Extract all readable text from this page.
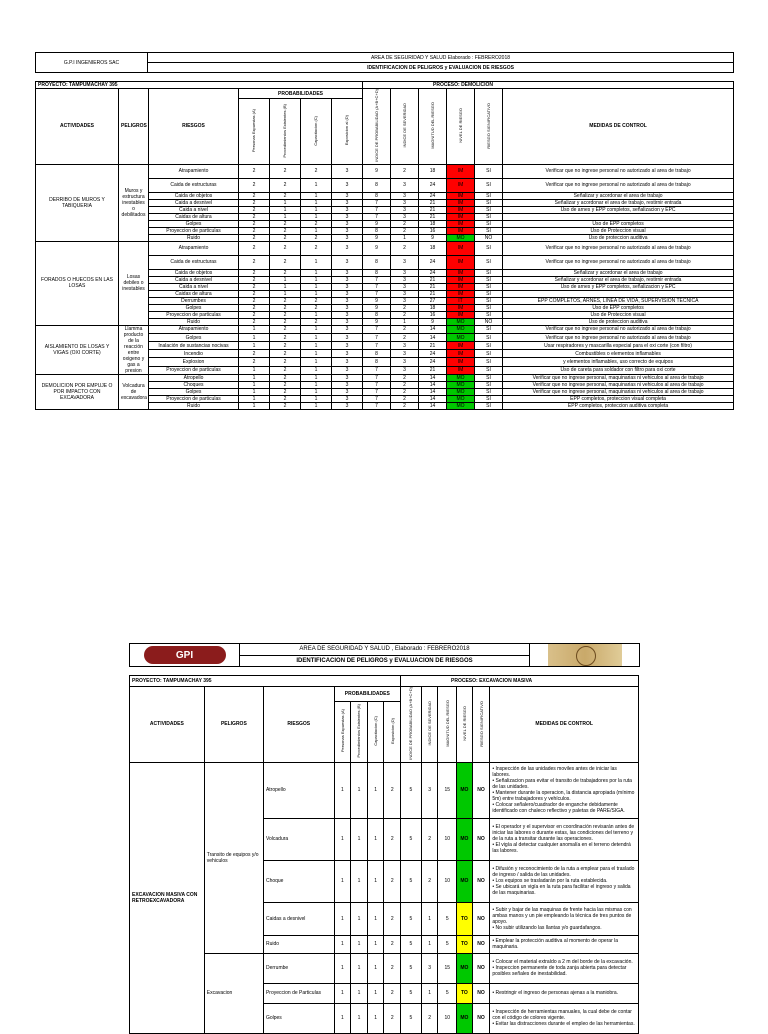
G.P.I INGENIEROS SAC	AREA DE SEGURIDAD Y SALUD Elaborado : FEBRERO2018
IDENTIFICACION DE PELIGROS y EVALUACION DE RIESGOS
PROYECTO: TAMPUMACHAY 395							PROCESO: DEMOLICION					
ACTIVIDADES	PELIGROS	RIESGOS	PROBABILIDADES				INDICE DE PROBABILIDAD (A+B+C+D)	INDICE DE SEVERIDAD	MAGNITUD DEL RIESGO	NIVEL DE RIESGO	RIESGO SIGNIFICATIVO	MEDIDAS DE CONTROL
			Personas Expuestas (A)	Procedimientos Existentes (B)	Capacitacion (C)	Exposicion al (D)						
DERRIBO DE MUROS Y TABIQUERIA	Muros y estructura inestables o debilitados	Atrapamiento	2	2	2	3	9	2	18	IM	SI	Verificar que no ingrese personal no autorizado al area de trabajo
		Caida de estructuras	2	2	1	3	8	3	24	IM	SI	Verificar que no ingrese personal no autorizado al area de trabajo
		Caida de objetos	2	2	1	3	8	3	24	IM	SI	Señalizar y acordonar el area de trabajo
		Caida a desnivel	2	1	1	3	7	3	21	IM	SI	Señalizar y acordonar el area de trabajo, restirnir entrada
		Caida a nivel	2	1	1	3	7	3	21	IM	SI	Uso de arnes y EPP completos, señalizacion y EPC
		Caidas de altura	2	1	1	3	7	3	21	IM	SI	
		Golpes	2	2	2	3	9	2	18	IM	SI	Uso de EPP completos
		Proyeccion de particulas	2	2	1	3	8	2	16	IM	SI	Uso de Proteccion visual
		Ruido	2	2	2	3	9	1	9	MO	NO	Uso de proteccion auditiva
FORADOS O HUECOS EN LAS LOSAS	Losas debiles o inestables	Atrapamiento	2	2	2	3	9	2	18	IM	SI	Verificar que no ingrese personal no autorizado al area de trabajo
		Caida de estructuras	2	2	1	3	8	3	24	IM	SI	Verificar que no ingrese personal no autorizado al area de trabajo
		Caida de objetos	2	2	1	3	8	3	24	IM	SI	Señalizar y acordonar el area de trabajo
		Caida a desnivel	2	1	1	3	7	3	21	IM	SI	Señalizar y acordonar el area de trabajo, restirnir entrada
		Caida a nivel	2	1	1	3	7	3	21	IM	SI	Uso de arnes y EPP completos, señalizacion y EPC
		Caidas de altura	2	1	1	3	7	3	21	IM	SI	
		Derrumbes	2	2	2	3	9	3	27	IT	SI	EPP COMPLETOS, ARNES, LINEA DE VIDA, SUPERVISION TECNICA
		Golpes	2	2	2	3	9	2	18	IM	SI	Uso de EPP completos
		Proyeccion de particulas	2	2	1	3	8	2	16	IM	SI	Uso de Proteccion visual
		Ruido	2	2	2	3	9	1	9	MO	NO	Uso de proteccion auditiva
AISLAMIENTO DE LOSAS Y VIGAS (OXI CORTE)	Llamma producto de la reacción entre oxigeno y gas a presion	Atrapamiento	1	2	1	3	7	2	14	MO	SI	Verificar que no ingrese personal no autorizado al area de trabajo
		Golpes	1	2	1	3	7	2	14	MO	SI	Verificar que no ingrese personal no autorizado al area de trabajo
		Inalación de sustancias nocivas	1	2	1	3	7	3	21	IM	SI	Usar respiradores y mascarilla especial para el oxi corte (con filtro)
		Incendio	2	2	1	3	8	3	24	IM	SI	Combustibles o elementos inflamables
		Explosion	2	2	1	3	8	3	24	IM	SI	y elementos inflamables, uso correcto de equipos
		Proyeccion de particulas	1	2	1	3	7	3	21	IM	SI	Uso de careta para soldador con filtro para oxi corte
DEMOLICION POR EMPUJE O POR IMPACTO CON EXCAVADORA	Volcadura de excavadora	Atropello	1	2	1	3	7	2	14	MO	SI	Verificar que no ingrese personal, maquinarias ni vehiculos al area de trabajo
		Choques	1	2	1	3	7	2	14	MO	SI	Verificar que no ingrese personal, maquinarias ni vehiculos al area de trabajo
		Golpes	1	2	1	3	7	2	14	MO	SI	Verificar que no ingrese personal, maquinarias ni vehiculos al area de trabajo
		Proyeccion de particulas	1	2	1	3	7	2	14	MO	SI	EPP completos, proteccion visual completa
		Ruido	1	2	1	3	7	2	14	MO	SI	EPP completos, proteccion auditiva completa
GPI
	AREA DE SEGURIDAD Y SALUD , Elaborado : FEBRERO2018	

IDENTIFICACION DE PELIGROS y EVALUACION DE RIESGOS
PROYECTO: TAMPUMACHAY 395							PROCESO: EXCAVACION MASIVA					
ACTIVIDADES	PELIGROS	RIESGOS	PROBABILIDADES				INDICE DE PROBABILIDAD (A+B+C+D)	INDICE DE SEVERIDAD	MAGNITUD DEL RIESGO	NIVEL DE RIESGO	RIESGO SIGNIFICATIVO	MEDIDAS DE CONTROL
			Personas Expuestas (A)	Procedimientos Existentes (B)	Capacitacion (C)	Exposicion (D)						
EXCAVACION MASIVA CON RETROEXCAVADORA	Transito de equipos y/o vehiculos	Atropello	1	1	1	2	5	3	15	MO	NO	• Inspección de las unidades moviles antes de iniciar las labores.
• Señalizacion para evitar el transito de trabajadores por la ruta de las unidades.
• Mantener durante la operacion, la distancia apropiada (mínimo 5m) entre trabajadores y vehículos.
• Colocar señalero/cuadrador de enganche debidamente identificado con chaleco reflectivo y paletas de PARE/SIGA.
		Volcadura	1	1	1	2	5	2	10	MO	NO	• El operador y el supervisor en coordinación revisarán antes de iniciar las labores o durante estas, las condiciones del terreno y de la ruta a transitar durante las operaciones.
• El vigía al detectar cualquier anomalía en el terreno detendrá las labores.
		Choque	1	1	1	2	5	2	10	MO	NO	• Difusión y reconocimiento de la ruta a emplear para el traslado de ingreso / salida de las unidades.
• Los equipos se trasladarán por la ruta establecida.
• Se ubicará un vigía en la ruta para facilitar el ingreso y salida de las maquinarias.
		Caidas a desnivel	1	1	1	2	5	1	5	TO	NO	• Subir y bajar de las maquinas de frente hacia las mismas con ambas manos y un pie empleando la técnica de tres puntos de apoyo.
• No subir utilizando las llantas y/o guardafangos.
		Ruido	1	1	1	2	5	1	5	TO	NO	• Emplear la protección auditiva al momento de operar la maquinaria.
	Excavacion	Derrumbe	1	1	1	2	5	3	15	MO	NO	• Colocar el material extraído a 2 m del borde de la excavación.
• Inspeccion permanente de toda zanja abierta para detectar posibles señales de inestabilidad.
		Proyeccion de Particulas	1	1	1	2	5	1	5	TO	NO	• Restringir el ingreso de personas ajenas a la maniobra.
		Golpes	1	1	1	2	5	2	10	MO	NO	• Inspección de herramientas manuales, la cual debe de contar con el código de colores vigente.
• Evitar las distracciones durante el empleo de las herramientas.
